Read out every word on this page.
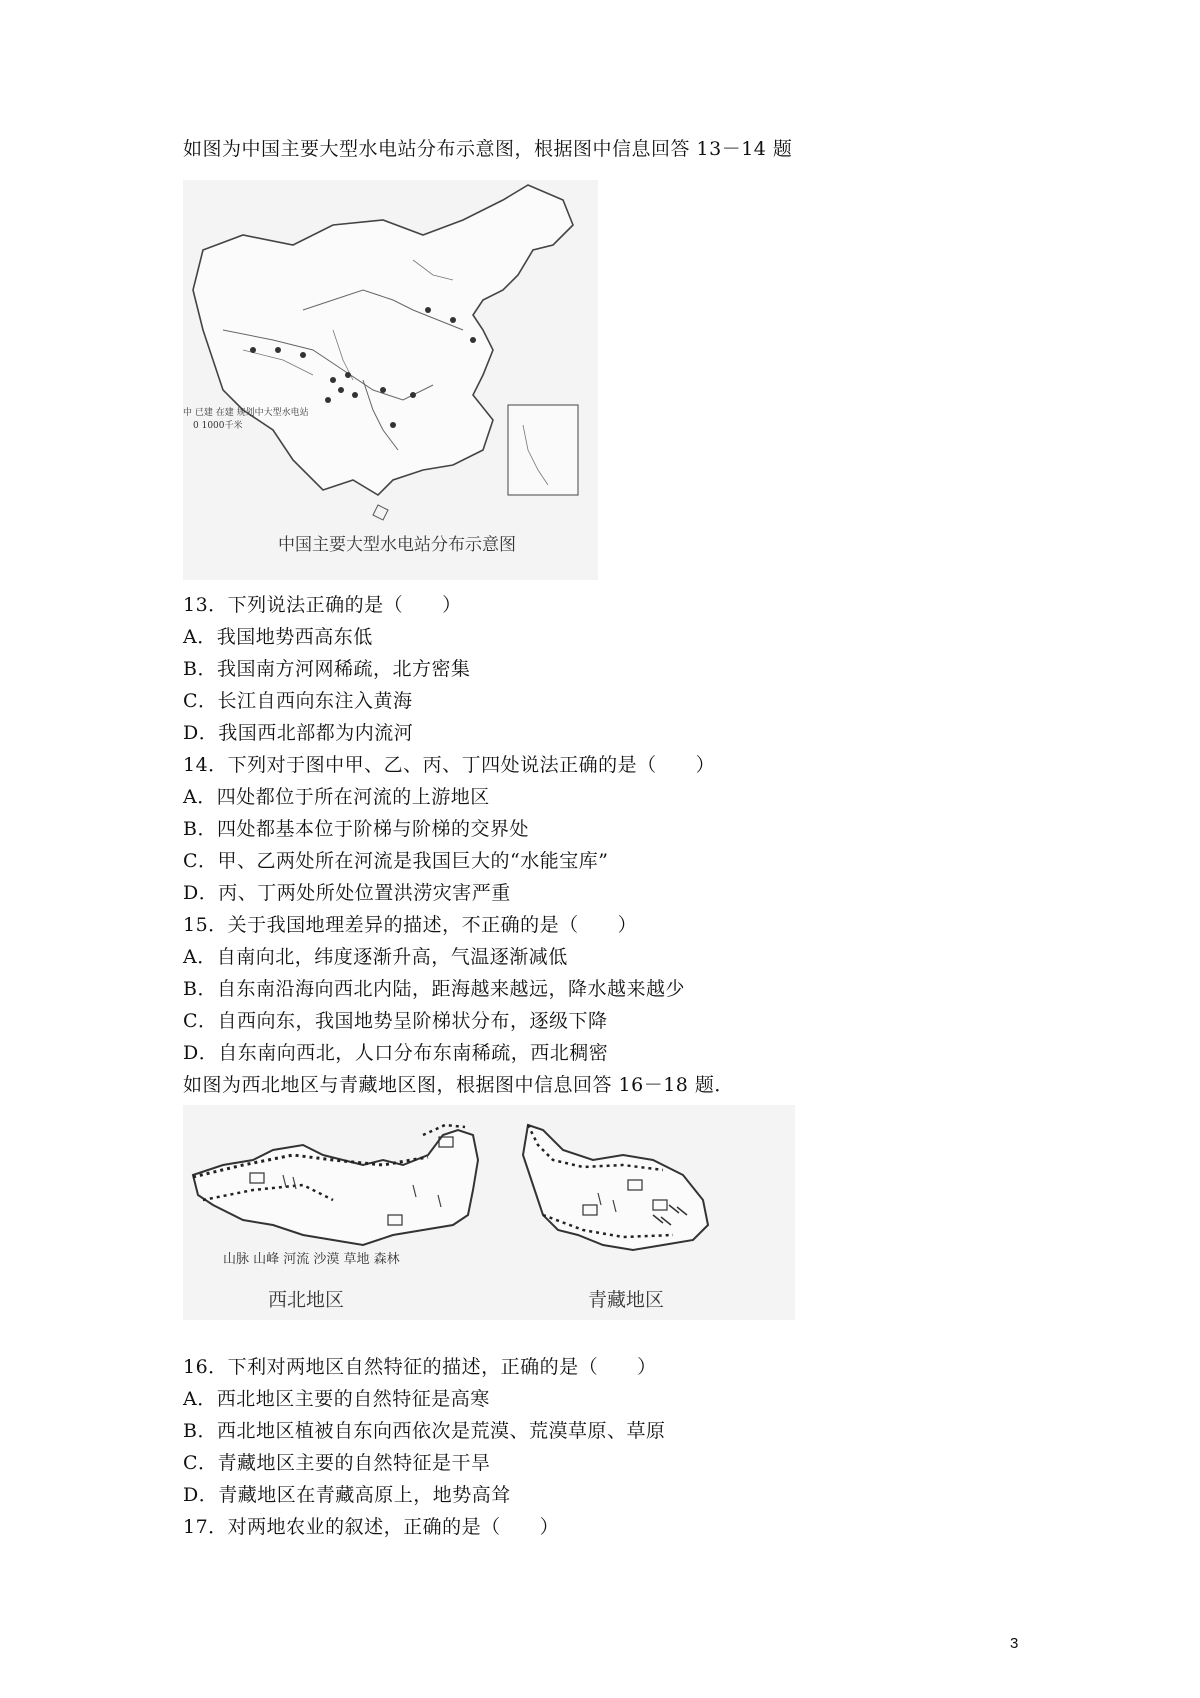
如图为中国主要大型水电站分布示意图，根据图中信息回答 13－14 题
中 已建 在建 规划中大型水电站
0 1000千米
中国主要大型水电站分布示意图
13．下列说法正确的是（　　）
A．我国地势西高东低
B．我国南方河网稀疏，北方密集
C．长江自西向东注入黄海
D．我国西北部都为内流河
14．下列对于图中甲、乙、丙、丁四处说法正确的是（　　）
A．四处都位于所在河流的上游地区
B．四处都基本位于阶梯与阶梯的交界处
C．甲、乙两处所在河流是我国巨大的“水能宝库”
D．丙、丁两处所处位置洪涝灾害严重
15．关于我国地理差异的描述，不正确的是（　　）
A．自南向北，纬度逐渐升高，气温逐渐减低
B．自东南沿海向西北内陆，距海越来越远，降水越来越少
C．自西向东，我国地势呈阶梯状分布，逐级下降
D．自东南向西北，人口分布东南稀疏，西北稠密
如图为西北地区与青藏地区图，根据图中信息回答 16－18 题．
山脉 山峰 河流 沙漠 草地 森林
西北地区	青藏地区
16．下利对两地区自然特征的描述，正确的是（　　）
A．西北地区主要的自然特征是高寒
B．西北地区植被自东向西依次是荒漠、荒漠草原、草原
C．青藏地区主要的自然特征是干旱
D．青藏地区在青藏高原上，地势高耸
17．对两地农业的叙述，正确的是（　　）
3
